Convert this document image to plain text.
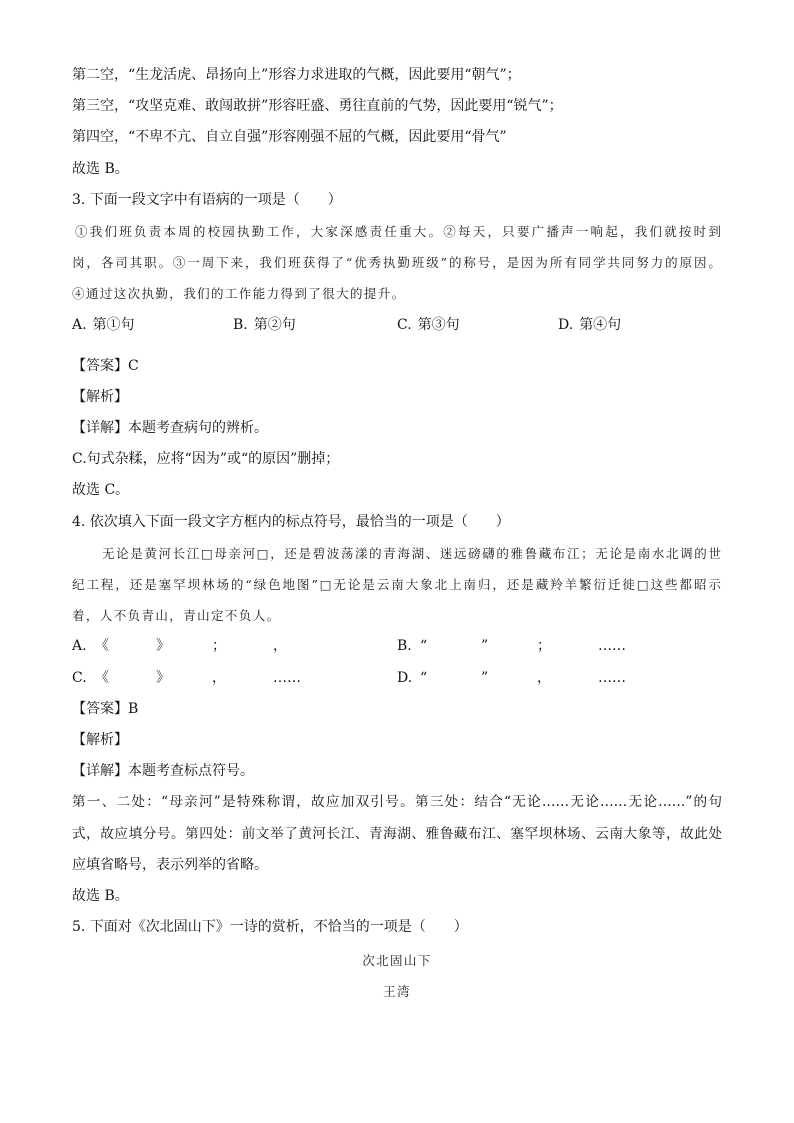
第二空，“生龙活虎、昂扬向上”形容力求进取的气概，因此要用“朝气”；
第三空，“攻坚克难、敢闯敢拼”形容旺盛、勇往直前的气势，因此要用“锐气”；
第四空，“不卑不亢、自立自强”形容刚强不屈的气概，因此要用“骨气”
故选 B。
3. 下面一段文字中有语病的一项是（　　）
①我们班负责本周的校园执勤工作，大家深感责任重大。②每天，只要广播声一响起，我们就按时到
岗，各司其职。③一周下来，我们班获得了“优秀执勤班级”的称号，是因为所有同学共同努力的原因。
④通过这次执勤，我们的工作能力得到了很大的提升。
A. 第①句	B. 第②句	C. 第③句	D. 第④句
【答案】C
【解析】
【详解】本题考查病句的辨析。
C.句式杂糅，应将“因为”或“的原因”删掉；
故选 C。
4. 依次填入下面一段文字方框内的标点符号，最恰当的一项是（　　）
无论是黄河长江□母亲河□，还是碧波荡漾的青海湖、迷远磅礴的雅鲁藏布江；无论是南水北调的世
纪工程，还是塞罕坝林场的“绿色地图”□无论是云南大象北上南归，还是藏羚羊繁衍迁徙□这些都昭示
着，人不负青山，青山定不负人。
A. 《	》	；	，	B. “	”	；	……
C. 《	》	，	……	D. “	”	，	……
【答案】B
【解析】
【详解】本题考查标点符号。
第一、二处：“母亲河”是特殊称谓，故应加双引号。第三处：结合“无论……无论……无论……”的句
式，故应填分号。第四处：前文举了黄河长江、青海湖、雅鲁藏布江、塞罕坝林场、云南大象等，故此处
应填省略号，表示列举的省略。
故选 B。
5. 下面对《次北固山下》一诗的赏析，不恰当的一项是（　　）
次北固山下
王湾
